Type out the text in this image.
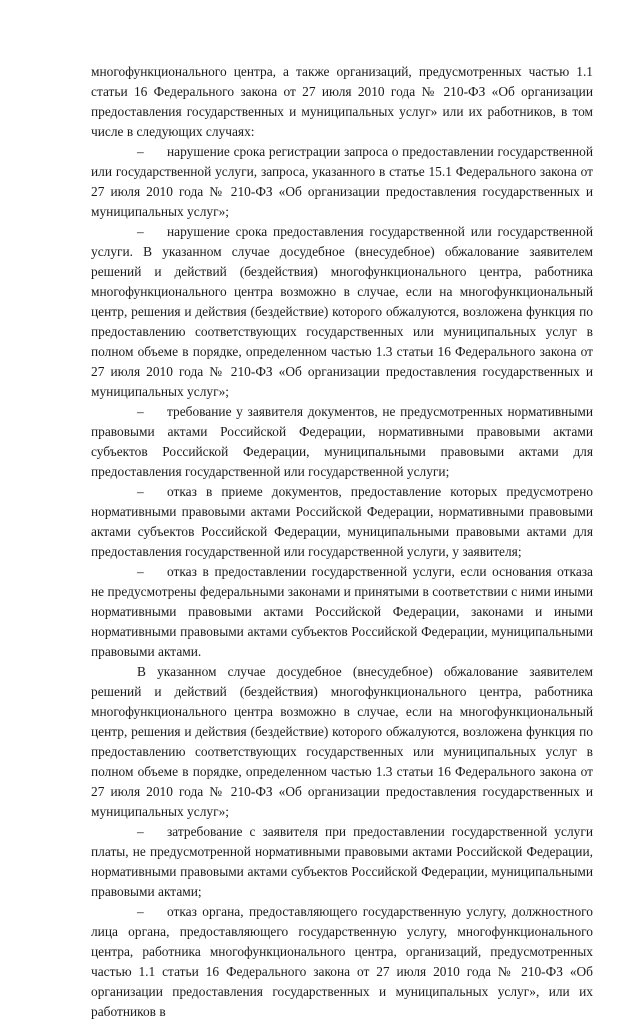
многофункционального центра, а также организаций, предусмотренных частью 1.1 статьи 16 Федерального закона от 27 июля 2010 года № 210-ФЗ «Об организации предоставления государственных и муниципальных услуг» или их работников, в том числе в следующих случаях:

– нарушение срока регистрации запроса о предоставлении государственной или государственной услуги, запроса, указанного в статье 15.1 Федерального закона от 27 июля 2010 года № 210-ФЗ «Об организации предоставления государственных и муниципальных услуг»;

– нарушение срока предоставления государственной или государственной услуги. В указанном случае досудебное (внесудебное) обжалование заявителем решений и действий (бездействия) многофункционального центра, работника многофункционального центра возможно в случае, если на многофункциональный центр, решения и действия (бездействие) которого обжалуются, возложена функция по предоставлению соответствующих государственных или муниципальных услуг в полном объеме в порядке, определенном частью 1.3 статьи 16 Федерального закона от 27 июля 2010 года № 210-ФЗ «Об организации предоставления государственных и муниципальных услуг»;

– требование у заявителя документов, не предусмотренных нормативными правовыми актами Российской Федерации, нормативными правовыми актами субъектов Российской Федерации, муниципальными правовыми актами для предоставления государственной или государственной услуги;

– отказ в приеме документов, предоставление которых предусмотрено нормативными правовыми актами Российской Федерации, нормативными правовыми актами субъектов Российской Федерации, муниципальными правовыми актами для предоставления государственной или государственной услуги, у заявителя;

– отказ в предоставлении государственной услуги, если основания отказа не предусмотрены федеральными законами и принятыми в соответствии с ними иными нормативными правовыми актами Российской Федерации, законами и иными нормативными правовыми актами субъектов Российской Федерации, муниципальными правовыми актами.

В указанном случае досудебное (внесудебное) обжалование заявителем решений и действий (бездействия) многофункционального центра, работника многофункционального центра возможно в случае, если на многофункциональный центр, решения и действия (бездействие) которого обжалуются, возложена функция по предоставлению соответствующих государственных или муниципальных услуг в полном объеме в порядке, определенном частью 1.3 статьи 16 Федерального закона от 27 июля 2010 года № 210-ФЗ «Об организации предоставления государственных и муниципальных услуг»;

– затребование с заявителя при предоставлении государственной услуги платы, не предусмотренной нормативными правовыми актами Российской Федерации, нормативными правовыми актами субъектов Российской Федерации, муниципальными правовыми актами;

– отказ органа, предоставляющего государственную услугу, должностного лица органа, предоставляющего государственную услугу, многофункционального центра, работника многофункционального центра, организаций, предусмотренных частью 1.1 статьи 16 Федерального закона от 27 июля 2010 года № 210-ФЗ «Об организации предоставления государственных и муниципальных услуг», или их работников в
